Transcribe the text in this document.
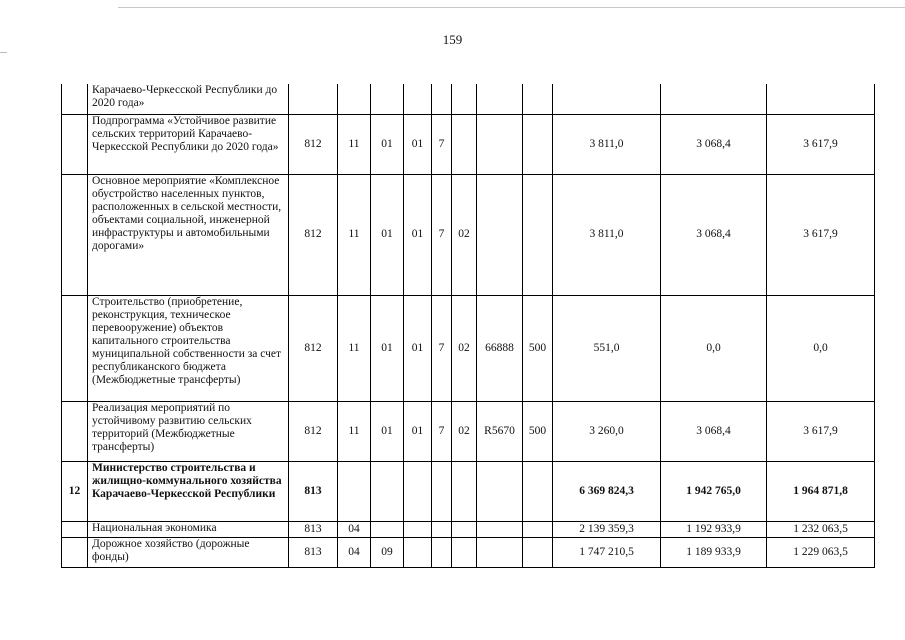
159
	Карачаево-Черкесской Республики до 2020 года»											
	Подпрограмма «Устойчивое развитие сельских территорий Карачаево-Черкесской Республики до 2020 года»	812	11	01	01	7				3 811,0	3 068,4	3 617,9
	Основное мероприятие «Комплексное обустройство населенных пунктов, расположенных в сельской местности, объектами социальной, инженерной инфраструктуры и автомобильными дорогами»	812	11	01	01	7	02			3 811,0	3 068,4	3 617,9
	Строительство (приобретение, реконструкция, техническое перевооружение) объектов капитального строительства муниципальной собственности за счет республиканского бюджета (Межбюджетные трансферты)	812	11	01	01	7	02	66888	500	551,0	0,0	0,0
	Реализация мероприятий по устойчивому развитию сельских территорий (Межбюджетные трансферты)	812	11	01	01	7	02	R5670	500	3 260,0	3 068,4	3 617,9
12	Министерство строительства и жилищно-коммунального хозяйства Карачаево-Черкесской Республики	813								6 369 824,3	1 942 765,0	1 964 871,8
	Национальная экономика	813	04							2 139 359,3	1 192 933,9	1 232 063,5
	Дорожное хозяйство (дорожные фонды)	813	04	09						1 747 210,5	1 189 933,9	1 229 063,5
